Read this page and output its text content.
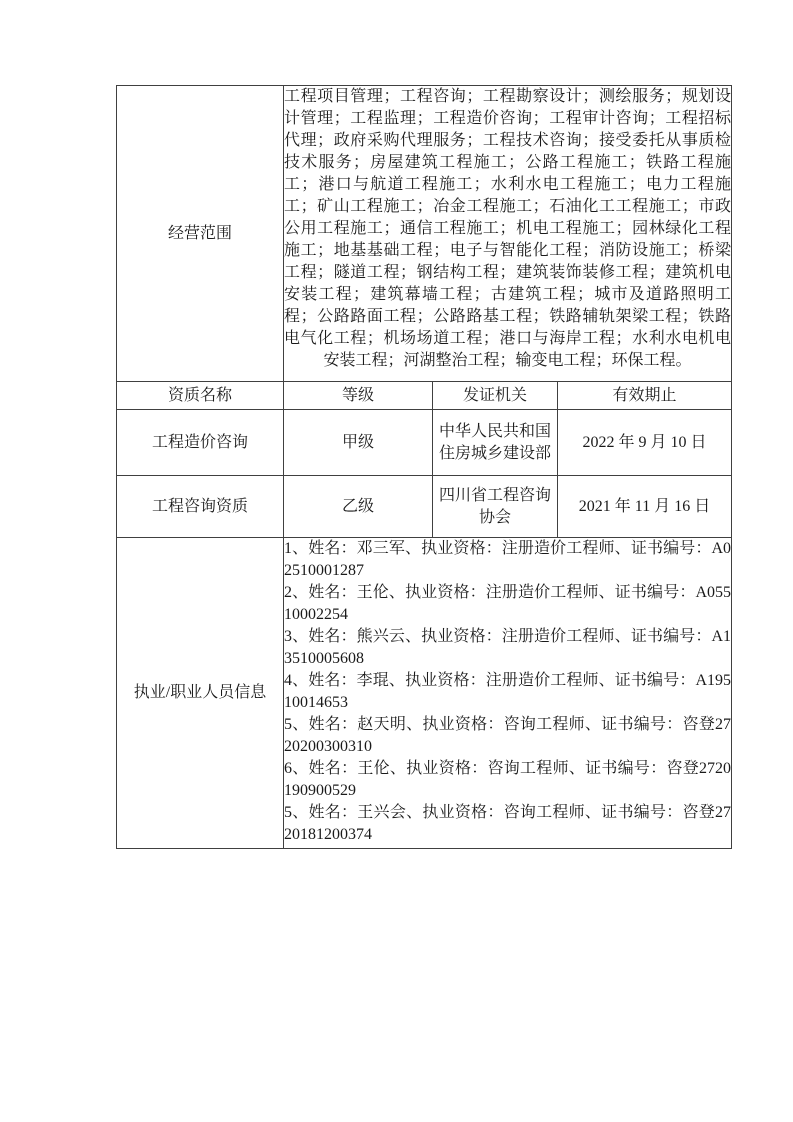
经营范围	工程项目管理；工程咨询；工程勘察设计；测绘服务；规划设计管理；工程监理；工程造价咨询；工程审计咨询；工程招标代理；政府采购代理服务；工程技术咨询；接受委托从事质检技术服务；房屋建筑工程施工；公路工程施工；铁路工程施工；港口与航道工程施工；水利水电工程施工；电力工程施工；矿山工程施工；冶金工程施工；石油化工工程施工；市政公用工程施工；通信工程施工；机电工程施工；园林绿化工程施工；地基基础工程；电子与智能化工程；消防设施工；桥梁工程；隧道工程；钢结构工程；建筑装饰装修工程；建筑机电安装工程；建筑幕墙工程；古建筑工程；城市及道路照明工程；公路路面工程；公路路基工程；铁路辅轨架梁工程；铁路电气化工程；机场场道工程；港口与海岸工程；水利水电机电安装工程；河湖整治工程；输变电工程；环保工程。		

资质名称	等级	发证机关	有效期止
工程造价咨询	甲级	中华人民共和国住房城乡建设部	2022 年 9 月 10 日
工程咨询资质	乙级	四川省工程咨询协会	2021 年 11 月 16 日
执业/职业人员信息	

1、姓名：邓三军、执业资格：注册造价工程师、证书编号：A02510001287

2、姓名：王伦、执业资格：注册造价工程师、证书编号：A05510002254

3、姓名：熊兴云、执业资格：注册造价工程师、证书编号：A13510005608

4、姓名：李琨、执业资格：注册造价工程师、证书编号：A19510014653

5、姓名：赵天明、执业资格：咨询工程师、证书编号：咨登2720200300310

6、姓名：王伦、执业资格：咨询工程师、证书编号：咨登2720190900529

5、姓名：王兴会、执业资格：咨询工程师、证书编号：咨登2720181200374
